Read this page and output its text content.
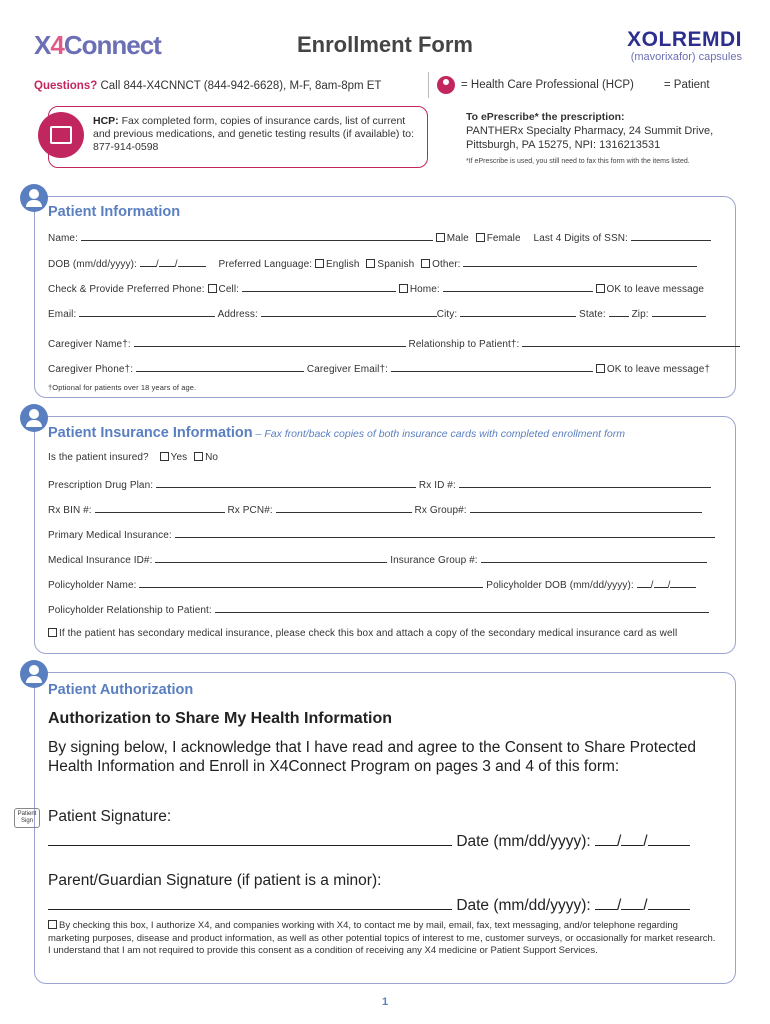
X4Connect	Enrollment Form	XOLREMDI
(mavorixafor) capsules
Questions? Call 844-X4CNNCT (844-942-6628), M-F, 8am-8pm ET	= Health Care Professional (HCP)	= Patient
HCP: Fax completed form, copies of insurance cards, list of current and previous medications, and genetic testing results (if available) to: 877-914-0598
To ePrescribe* the prescription:
PANTHERx Specialty Pharmacy, 24 Summit Drive,
Pittsburgh, PA 15275, NPI: 1316213531
*If ePrescribe is used, you still need to fax this form with the items listed.
Patient Information
Name:	Male Female Last 4 Digits of SSN:
DOB (mm/dd/yyyy): / /	Preferred Language: English Spanish Other:
Check & Provide Preferred Phone: Cell:	Home:	OK to leave message
Email:	Address:	City:	State:	Zip:
Caregiver Name†:	Relationship to Patient†:
Caregiver Phone†:	Caregiver Email†:	OK to leave message†
†Optional for patients over 18 years of age.
Patient Insurance Information – Fax front/back copies of both insurance cards with completed enrollment form
Is the patient insured? Yes No
Prescription Drug Plan:	Rx ID #:
Rx BIN #:	Rx PCN#:	Rx Group#:
Primary Medical Insurance:
Medical Insurance ID#:	Insurance Group #:
Policyholder Name:	Policyholder DOB (mm/dd/yyyy): / /
Policyholder Relationship to Patient:
If the patient has secondary medical insurance, please check this box and attach a copy of the secondary medical insurance card as well
Patient Authorization
Authorization to Share My Health Information
By signing below, I acknowledge that I have read and agree to the Consent to Share Protected Health Information and Enroll in X4Connect Program on pages 3 and 4 of this form:
Patient Sign Patient Signature:
Date (mm/dd/yyyy): / /
Parent/Guardian Signature (if patient is a minor):
Date (mm/dd/yyyy): / /
By checking this box, I authorize X4, and companies working with X4, to contact me by mail, email, fax, text messaging, and/or telephone regarding marketing purposes, disease and product information, as well as other potential topics of interest to me, customer surveys, or occasionally for market research. I understand that I am not required to provide this consent as a condition of receiving any X4 medicine or Patient Support Services.
1
